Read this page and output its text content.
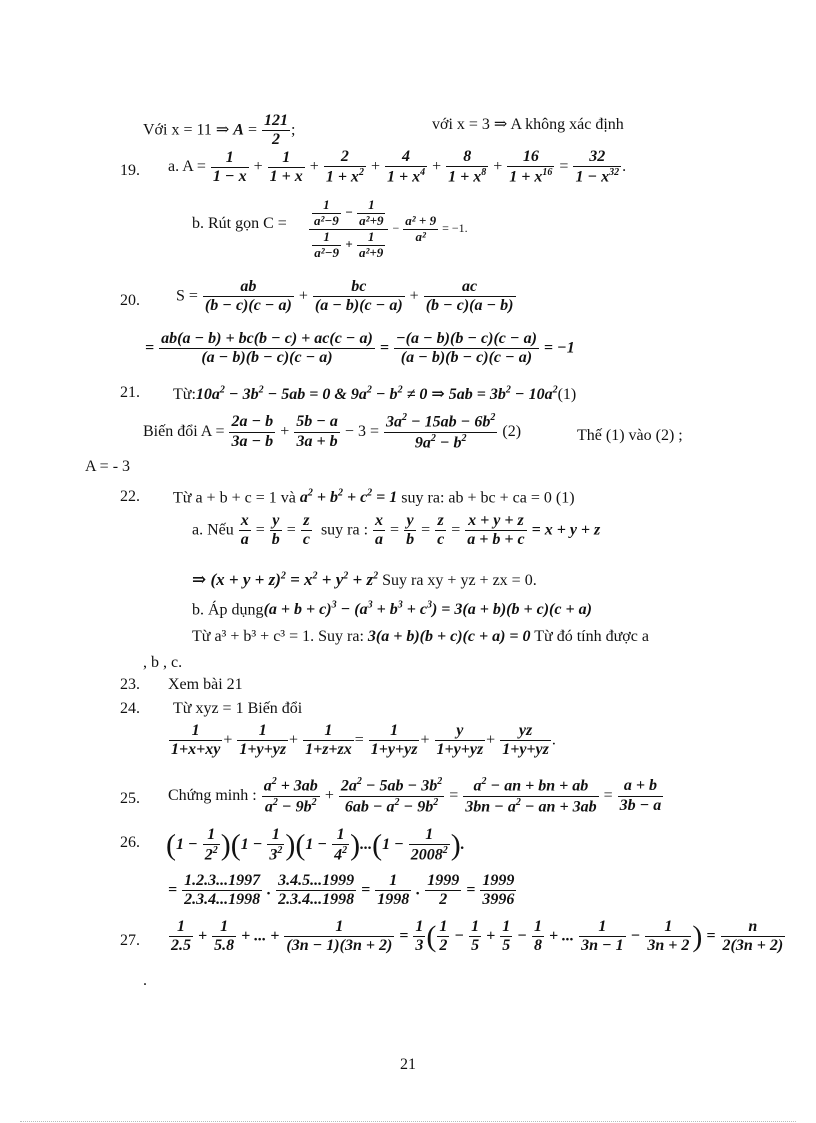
Với x = 11 ⇒ $A = \frac{121}{2}$ ;	với x = 3 ⇒ A không xác định
19. a. $A = \frac{1}{1 - x} + \frac{1}{1 + x} + \frac{2}{1 + x^2} + \frac{4}{1 + x^4} + \frac{8}{1 + x^8} + \frac{16}{1 + x^{16}} = \frac{32}{1 - x^{32}}$ .
b. Rút gọn $C = \frac{\frac{1}{\text{a²−9}} - \frac{1}{\text{a²+9}}}{\frac{1}{\text{a²−9}} + \frac{1}{\text{a²+9}}} - \frac{\text{a² + 9}}{\text{a²}} = -1$.
20. $S = \frac{ab}{(b - c)(c - a)} + \frac{bc}{(a - b)(c - a)} + \frac{ac}{(b - c)(a - b)}$
= $\frac{ab(a - b) + bc(b - c) + ac(c - a)}{(a - b)(b - c)(c - a)} = \frac{-(a - b)(b - c)(c - a)}{(a - b)(b - c)(c - a)} = -1$
21. $Từ:10a^2 - 3b^2 - 5ab = 0$ & $9a^2 - b^2 \ne 0$ ⇒ $5ab = 3b^2 - 10a^2(1)$
Biến đổi $A = \frac{2a - b}{3a - b} + \frac{5b - a}{3a + b} - 3 = \frac{3a^2 - 15ab - 6b^2}{9a^2 - b^2} (2)$	Thế (1) vào (2) ;
A = - 3
22. Từ a + b + c = 1 và $a^2 + b^2 + c^2 = 1$ suy ra: ab + bc + ca = 0 (1)
a. Nếu $\frac{x}{a} = \frac{y}{b} = \frac{z}{c}$ suy ra : $\frac{x}{a} = \frac{y}{b} = \frac{z}{c} = \frac{x + y + z}{a + b + c} = x + y + z$
⇒ $(x + y + z)^2 = x^2 + y^2 + z^2$ Suy ra xy + yz + zx = 0.
b. Áp dụng(a + $b + c)^3 - (a^3 + b^3 + c^3) = 3(a + b)(b + c)(c + a)$
Từ a³ + b³ + c³ = 1. Suy ra: 3(a + b)(b + c)(c + a) = 0 Từ đó tính được a
, b , c.
23. Xem bài 21
24. Từ xyz = 1 Biến đổi
$\frac{1}{1+x+xy} + \frac{1}{1+y+yz} + \frac{1}{1+z+zx} = \frac{1}{1+y+yz} + \frac{y}{1+y+yz} + \frac{yz}{1+y+yz}$ .
25. Chứng minh : $\frac{a^2 + 3ab}{a^2 - 9b^2} + \frac{2a^2 - 5ab - 3b^2}{6ab - a^2 - 9b^2} = \frac{a^2 - an + bn + ab}{3bn - a^2 - an + 3ab} = \frac{a + b}{3b - a}$
26. $(1 - \frac{1}{2^2} )(1 - \frac{1}{3^2} )(1 - \frac{1}{4^2} )...(1 - \frac{1}{2008^2}$ ).
= $\frac{1.2.3...1997}{2.3.4...1998}$ . $\frac{3.4.5...1999}{2.3.4...1998} = \frac{1}{1998}$ . $\frac{1999}{2} = \frac{1999}{3996}$
27. $\frac{1}{2.5} + \frac{1}{5.8}$ + ... + $\frac{1}{(3n - 1)(3n + 2)} = \frac{1}{3}$ ( $\frac{1}{2} - \frac{1}{5} + \frac{1}{5} - \frac{1}{8}$ + ... $\frac{1}{3n - 1} - \frac{1}{3n + 2}$ ) = $\frac{n}{2(3n + 2)}$
.
21
